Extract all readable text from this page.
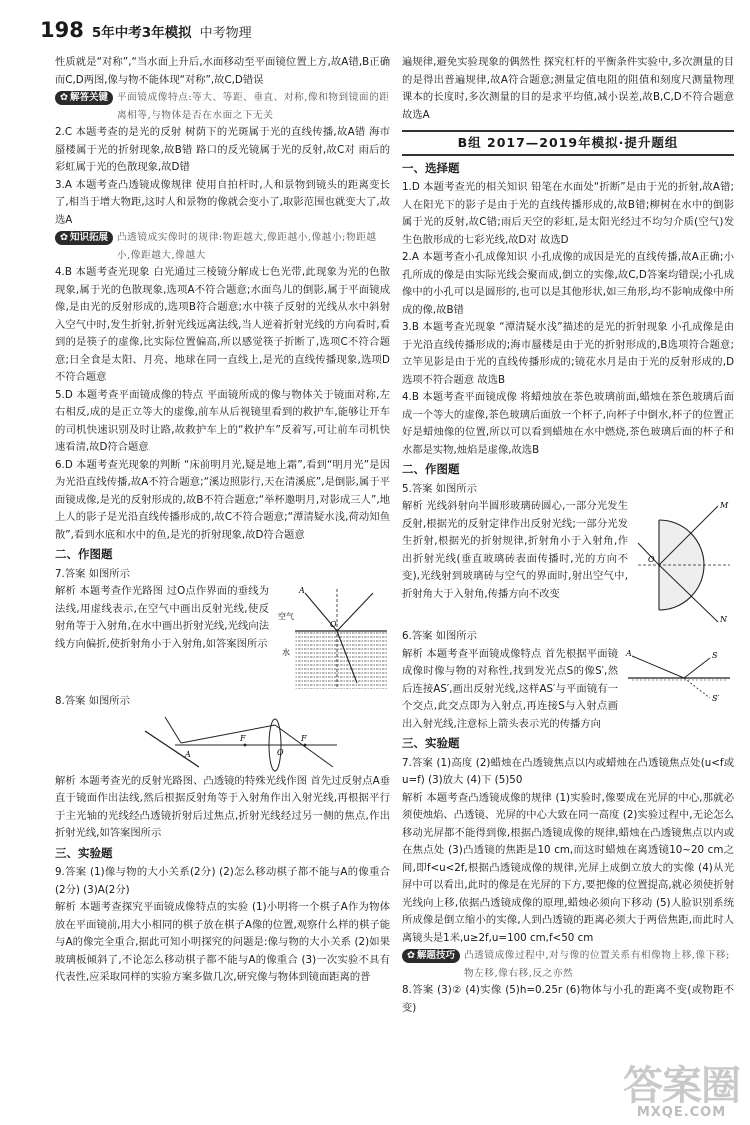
198 5年中考3年模拟 中考物理

性质就是“对称”,“当水面上升后,水面移动至平面镜位置上方,故A错,B正确 而C,D两图,像与物不能体现“对称”,故C,D错误

✿ 解答关键 平面镜成像特点:等大、等距、垂直、对称,像和物到镜面的距离相等,与物体是否在水面之下无关

2.C 本题考查的是光的反射 树荫下的光斑属于光的直线传播,故A错 海市蜃楼属于光的折射现象,故B错 路口的反光镜属于光的反射,故C对 雨后的彩虹属于光的色散现象,故D错

3.A 本题考查凸透镜成像规律 使用自拍杆时,人和景物到镜头的距离变长了,相当于增大物距,这时人和景物的像就会变小了,取影范围也就变大了,故选A

✿ 知识拓展 凸透镜成实像时的规律:物距越大,像距越小,像越小;物距越小,像距越大,像越大

4.B 本题考查光现象 白光通过三棱镜分解成七色光带,此现象为光的色散现象,属于光的色散现象,选项A不符合题意;水面鸟儿的倒影,属于平面镜成像,是由光的反射形成的,选项B符合题意;水中筷子反射的光线从水中斜射入空气中时,发生折射,折射光线远离法线,当人逆着折射光线的方向看时,看到的是筷子的虚像,比实际位置偏高,所以感觉筷子折断了,选项C不符合题意;日全食是太阳、月亮、地球在同一直线上,是光的直线传播现象,选项D不符合题意

5.D 本题考查平面镜成像的特点 平面镜所成的像与物体关于镜面对称,左右相反,成的是正立等大的虚像,前车从后视镜里看到的救护车,能够让开车的司机快速识别及时让路,故救护车上的“救护车”反着写,可让前车司机快速看清,故D符合题意

6.D 本题考查光现象的判断 “床前明月光,疑是地上霜”,看到“明月光”是因为光沿直线传播,故A不符合题意;“溪边照影行,天在清溪底”,是倒影,属于平面镜成像,是光的反射形成的,故B不符合题意;“举杯邀明月,对影成三人”,地上人的影子是光沿直线传播形成的,故C不符合题意;“潭清疑水浅,荷动知鱼散”,看到水底和水中的鱼,是光的折射现象,故D符合题意

二、作图题

7.答案 如图所示

解析 本题考查作光路图 过O点作界面的垂线为法线,用虚线表示,在空气中画出反射光线,使反射角等于入射角,在水中画出折射光线,光线向法线方向偏折,使折射角小于入射角,如答案图所示

空气
水
A
O

8.答案 如图所示

A
F	F
O

解析 本题考查光的反射光路图、凸透镜的特殊光线作图 首先过反射点A垂直于镜面作出法线,然后根据反射角等于入射角作出入射光线,再根据平行于主光轴的光线经凸透镜折射后过焦点,折射光线经过另一侧的焦点,作出折射光线,如答案图所示

三、实验题

9.答案 (1)像与物的大小关系(2分) (2)怎么移动棋子都不能与A的像重合(2分) (3)A(2分)

解析 本题考查探究平面镜成像特点的实验 (1)小明将一个棋子A作为物体放在平面镜前,用大小相同的棋子放在棋子A像的位置,观察什么样的棋子能与A的像完全重合,据此可知小明探究的问题是:像与物的大小关系 (2)如果玻璃板倾斜了,不论怎么移动棋子都不能与A的像重合 (3)一次实验不具有代表性,应采取同样的实验方案多做几次,研究像与物体到镜面距离的普

遍规律,避免实验现象的偶然性 探究杠杆的平衡条件实验中,多次测量的目的是得出普遍规律,故A符合题意;测量定值电阻的阻值和刻度尺测量物理课本的长度时,多次测量的目的是求平均值,减小误差,故B,C,D不符合题意 故选A

B组 2017—2019年模拟·提升题组
一、选择题

1.D 本题考查光的相关知识 铅笔在水面处“折断”是由于光的折射,故A错;人在阳光下的影子是由于光的直线传播形成的,故B错;柳树在水中的倒影属于光的反射,故C错;雨后天空的彩虹,是太阳光经过不均匀介质(空气)发生色散形成的七彩光线,故D对 故选D

2.A 本题考查小孔成像知识 小孔成像的成因是光的直线传播,故A正确;小孔所成的像是由实际光线会聚而成,倒立的实像,故C,D答案均错误;小孔成像中的小孔可以是圆形的,也可以是其他形状,如三角形,均不影响成像中所成的像,故B错

3.B 本题考查光现象 “潭清疑水浅”描述的是光的折射现象 小孔成像是由于光沿直线传播形成的;海市蜃楼是由于光的折射形成的,B选项符合题意;立竿见影是由于光的直线传播形成的;镜花水月是由于光的反射形成的,D选项不符合题意 故选B

4.B 本题考查平面镜成像 将蜡烛放在茶色玻璃前面,蜡烛在茶色玻璃后面成一个等大的虚像,茶色玻璃后面放一个杯子,向杯子中倒水,杯子的位置正好是蜡烛像的位置,所以可以看到蜡烛在水中燃烧,茶色玻璃后面的杯子和水都是实物,烛焰是虚像,故选B

二、作图题

5.答案 如图所示

解析 光线斜射向半圆形玻璃砖圆心,一部分光发生反射,根据光的反射定律作出反射光线;一部分光发生折射,根据光的折射规律,折射角小于入射角,作出折射光线(垂直玻璃砖表面传播时,光的方向不变),光线射到玻璃砖与空气的界面时,射出空气中,折射角大于入射角,传播方向不改变

M
N
O

6.答案 如图所示

解析 本题考查平面镜成像特点 首先根据平面镜成像时像与物的对称性,找到发光点S的像S′,然后连接AS′,画出反射光线,这样AS′与平面镜有一个交点,此交点即为入射点,再连接S与入射点画出入射光线,注意标上箭头表示光的传播方向

A	S
S′
三、实验题

7.答案 (1)高度 (2)蜡烛在凸透镜焦点以内或蜡烛在凸透镜焦点处(u<f或u=f) (3)放大 (4)下 (5)50

解析 本题考查凸透镜成像的规律 (1)实验时,像要成在光屏的中心,那就必须使烛焰、凸透镜、光屏的中心大致在同一高度 (2)实验过程中,无论怎么移动光屏都不能得到像,根据凸透镜成像的规律,蜡烛在凸透镜焦点以内或在焦点处 (3)凸透镜的焦距是10 cm,而这时蜡烛在离透镜10~20 cm之间,即f<u<2f,根据凸透镜成像的规律,光屏上成倒立放大的实像 (4)从光屏中可以看出,此时的像是在光屏的下方,要把像的位置提高,就必须使折射光线向上移,依据凸透镜成像的原理,蜡烛必须向下移动 (5)人脸识别系统所成像是倒立缩小的实像,人到凸透镜的距离必须大于两倍焦距,而此时人离镜头是1米,u≥2f,u=100 cm,f<50 cm

✿ 解题技巧 凸透镜成像过程中,对与像的位置关系有相像物上移,像下移;物左移,像右移,反之亦然

8.答案 (3)② (4)实像 (5)h=0.25r (6)物体与小孔的距离不变(或物距不变)

答案圈
MXQE.COM
